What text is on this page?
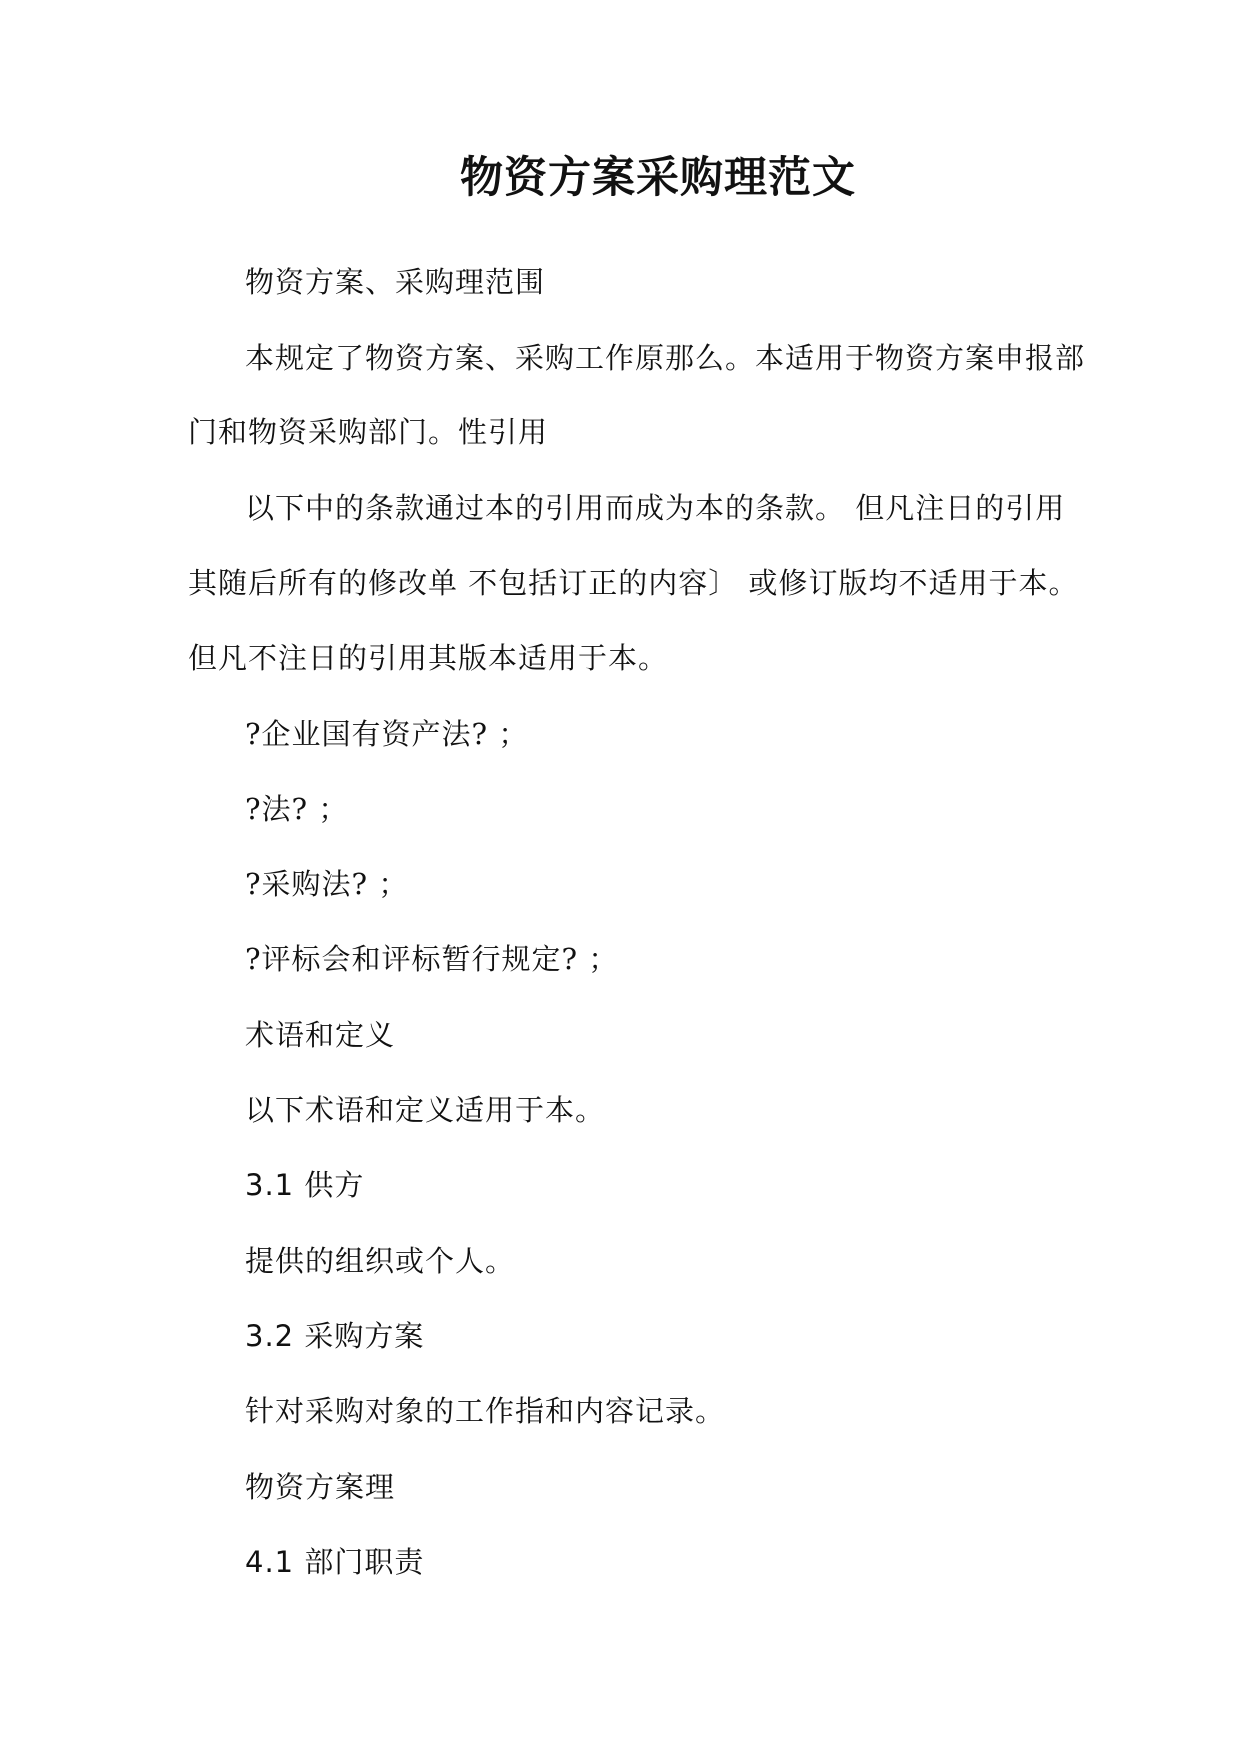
物资方案采购理范文
物资方案、采购理范围
本规定了物资方案、采购工作原那么。本适用于物资方案申报部
门和物资采购部门。性引用
以下中的条款通过本的引用而成为本的条款。 但凡注日的引用
其随后所有的修改单 不包括订正的内容〕 或修订版均不适用于本。
但凡不注日的引用其版本适用于本。
?企业国有资产法? ；
?法? ；
?采购法? ；
?评标会和评标暂行规定? ；
术语和定义
以下术语和定义适用于本。
3.1 供方
提供的组织或个人。
3.2 采购方案
针对采购对象的工作指和内容记录。
物资方案理
4.1 部门职责
